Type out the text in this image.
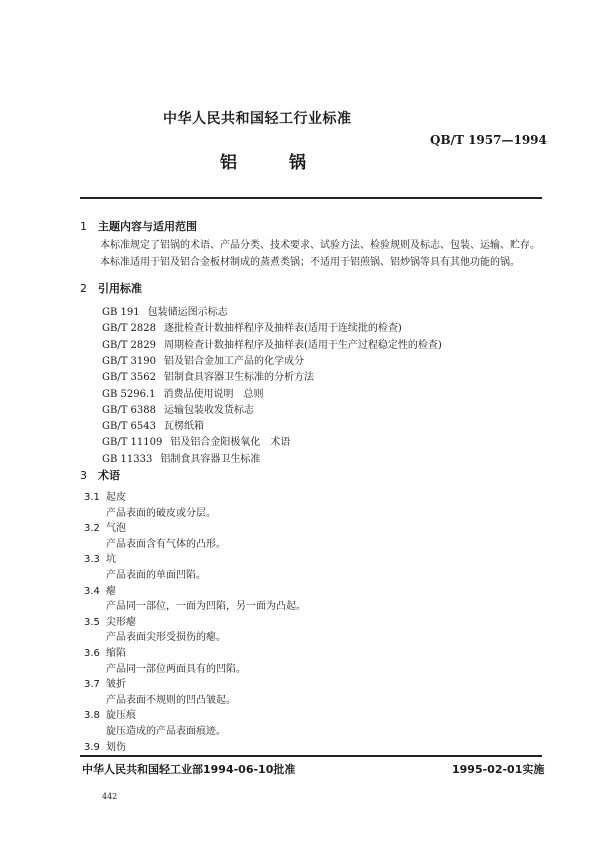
中华人民共和国轻工行业标准
QB/T 1957—1994
铝	锅
1 主题内容与适用范围
本标准规定了铝锅的术语、产品分类、技术要求、试验方法、检验规则及标志、包装、运输、贮存。
本标准适用于铝及铝合金板材制成的蒸煮类锅；不适用于铝煎锅、铝炒锅等具有其他功能的锅。
2 引用标准
GB 191 包装储运图示标志
GB/T 2828 逐批检查计数抽样程序及抽样表(适用于连续批的检查)
GB/T 2829 周期检查计数抽样程序及抽样表(适用于生产过程稳定性的检查)
GB/T 3190 铝及铝合金加工产品的化学成分
GB/T 3562 铝制食具容器卫生标准的分析方法
GB 5296.1 消费品使用说明　总则
GB/T 6388 运输包装收发货标志
GB/T 6543 瓦楞纸箱
GB/T 11109 铝及铝合金阳极氧化　术语
GB 11333 铝制食具容器卫生标准
3 术语
3.1 起皮
产品表面的破皮或分层。
3.2 气泡
产品表面含有气体的凸形。
3.3 坑
产品表面的单面凹陷。
3.4 瘪
产品同一部位，一面为凹陷，另一面为凸起。
3.5 尖形瘪
产品表面尖形受损伤的瘪。
3.6 缩陷
产品同一部位两面具有的凹陷。
3.7 皱折
产品表面不规则的凹凸皱起。
3.8 旋压痕
旋压造成的产品表面痕迹。
3.9 划伤
中华人民共和国轻工业部1994-06-10批准	1995-02-01实施
442
